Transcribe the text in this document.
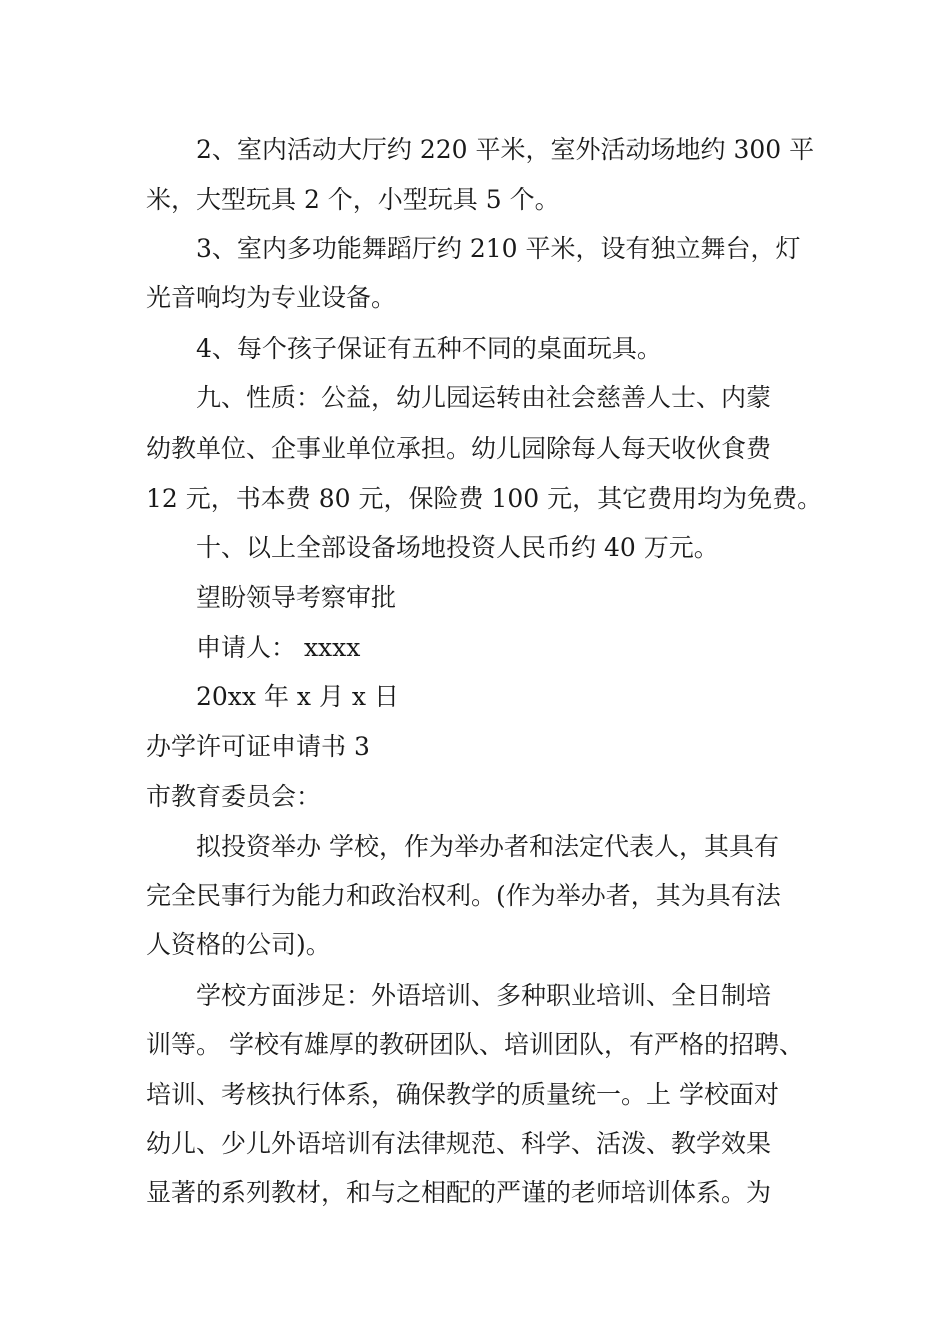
2、室内活动大厅约 220 平米，室外活动场地约 300 平
米，大型玩具 2 个，小型玩具 5 个。
3、室内多功能舞蹈厅约 210 平米，设有独立舞台，灯
光音响均为专业设备。
4、每个孩子保证有五种不同的桌面玩具。
九、性质：公益，幼儿园运转由社会慈善人士、内蒙
幼教单位、企事业单位承担。幼儿园除每人每天收伙食费
12 元，书本费 80 元，保险费 100 元，其它费用均为免费。
十、以上全部设备场地投资人民币约 40 万元。
望盼领导考察审批
申请人： xxxx
20xx 年 x 月 x 日
办学许可证申请书 3
市教育委员会：
拟投资举办 学校，作为举办者和法定代表人，其具有
完全民事行为能力和政治权利。(作为举办者，其为具有法
人资格的公司)。
学校方面涉足：外语培训、多种职业培训、全日制培
训等。 学校有雄厚的教研团队、培训团队，有严格的招聘、
培训、考核执行体系，确保教学的质量统一。上 学校面对
幼儿、少儿外语培训有法律规范、科学、活泼、教学效果
显著的系列教材，和与之相配的严谨的老师培训体系。为
